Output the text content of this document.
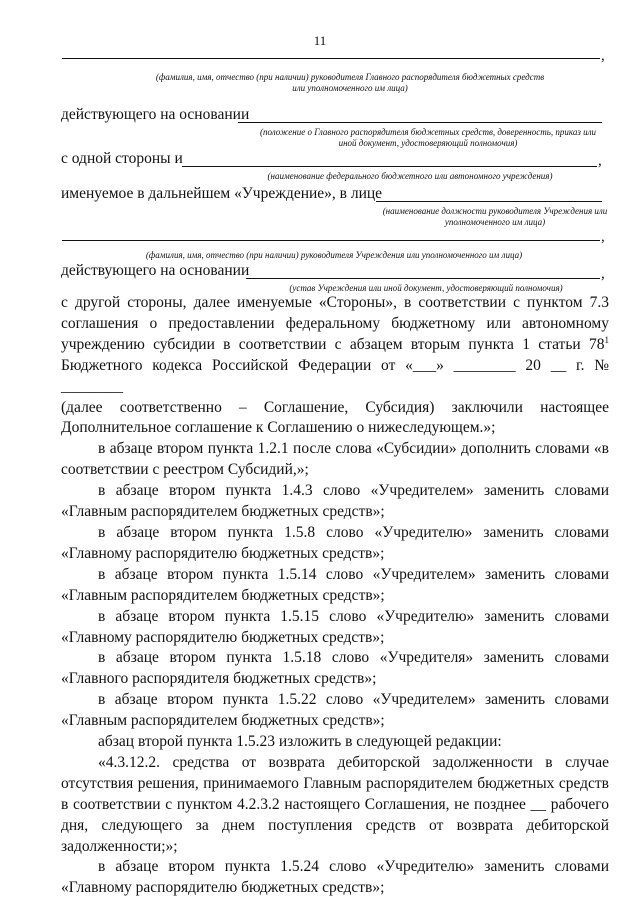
11
,
(фамилия, имя, отчество (при наличии) руководителя Главного распорядителя бюджетных средств или уполномоченного им лица)
действующего на основании
(положение о Главного распорядителя бюджетных средств, доверенность, приказ или иной документ, удостоверяющий полномочия)
с одной стороны и	,
(наименование федерального бюджетного или автономного учреждения)
именуемое в дальнейшем «Учреждение», в лице
(наименование должности руководителя Учреждения или уполномоченного им лица)
,
(фамилия, имя, отчество (при наличии) руководителя Учреждения или уполномоченного им лица)
действующего на основании	,
(устав Учреждения или иной документ, удостоверяющий полномочия)

с другой стороны, далее именуемые «Стороны», в соответствии с пунктом 7.3 соглашения о предоставлении федеральному бюджетному или автономному учреждению субсидии в соответствии с абзацем вторым пункта 1 статьи $78^1$ Бюджетного кодекса Российской Федерации от «___» ________ 20 __ г. № ________

(далее соответственно – Соглашение, Субсидия) заключили настоящее Дополнительное соглашение к Соглашению о нижеследующем.»;

в абзаце втором пункта 1.2.1 после слова «Субсидии» дополнить словами «в соответствии с реестром Субсидий,»;

в абзаце втором пункта 1.4.3 слово «Учредителем» заменить словами «Главным распорядителем бюджетных средств»;

в абзаце втором пункта 1.5.8 слово «Учредителю» заменить словами «Главному распорядителю бюджетных средств»;

в абзаце втором пункта 1.5.14 слово «Учредителем» заменить словами «Главным распорядителем бюджетных средств»;

в абзаце втором пункта 1.5.15 слово «Учредителю» заменить словами «Главному распорядителю бюджетных средств»;

в абзаце втором пункта 1.5.18 слово «Учредителя» заменить словами «Главного распорядителя бюджетных средств»;

в абзаце втором пункта 1.5.22 слово «Учредителем» заменить словами «Главным распорядителем бюджетных средств»;

абзац второй пункта 1.5.23 изложить в следующей редакции:

«4.3.12.2. средства от возврата дебиторской задолженности в случае отсутствия решения, принимаемого Главным распорядителем бюджетных средств в соответствии с пунктом 4.2.3.2 настоящего Соглашения, не позднее __ рабочего дня, следующего за днем поступления средств от возврата дебиторской задолженности;»;

в абзаце втором пункта 1.5.24 слово «Учредителю» заменить словами «Главному распорядителю бюджетных средств»;
